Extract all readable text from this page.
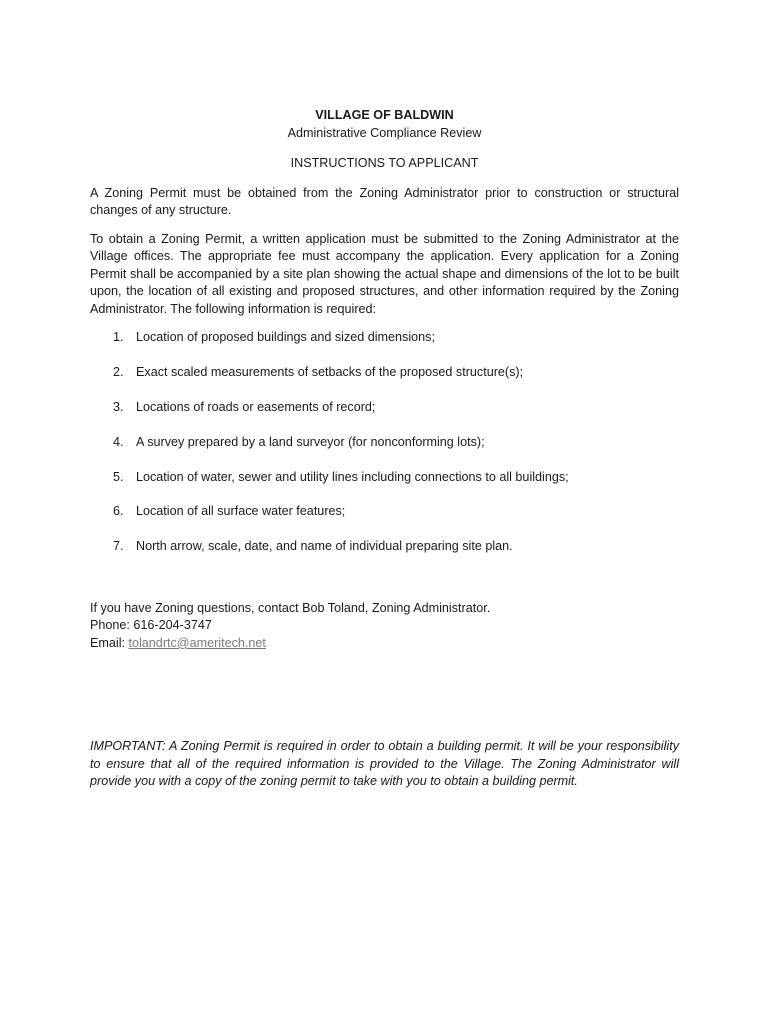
VILLAGE OF BALDWIN
Administrative Compliance Review
INSTRUCTIONS TO APPLICANT

A Zoning Permit must be obtained from the Zoning Administrator prior to construction or structural changes of any structure.

To obtain a Zoning Permit, a written application must be submitted to the Zoning Administrator at the Village offices. The appropriate fee must accompany the application. Every application for a Zoning Permit shall be accompanied by a site plan showing the actual shape and dimensions of the lot to be built upon, the location of all existing and proposed structures, and other information required by the Zoning Administrator. The following information is required:

1. Location of proposed buildings and sized dimensions;
2. Exact scaled measurements of setbacks of the proposed structure(s);
3. Locations of roads or easements of record;
4. A survey prepared by a land surveyor (for nonconforming lots);
5. Location of water, sewer and utility lines including connections to all buildings;
6. Location of all surface water features;
7. North arrow, scale, date, and name of individual preparing site plan.
If you have Zoning questions, contact Bob Toland, Zoning Administrator.
Phone: 616-204-3747
Email: tolandrtc@ameritech.net
IMPORTANT: A Zoning Permit is required in order to obtain a building permit. It will be your responsibility to ensure that all of the required information is provided to the Village. The Zoning Administrator will provide you with a copy of the zoning permit to take with you to obtain a building permit.
